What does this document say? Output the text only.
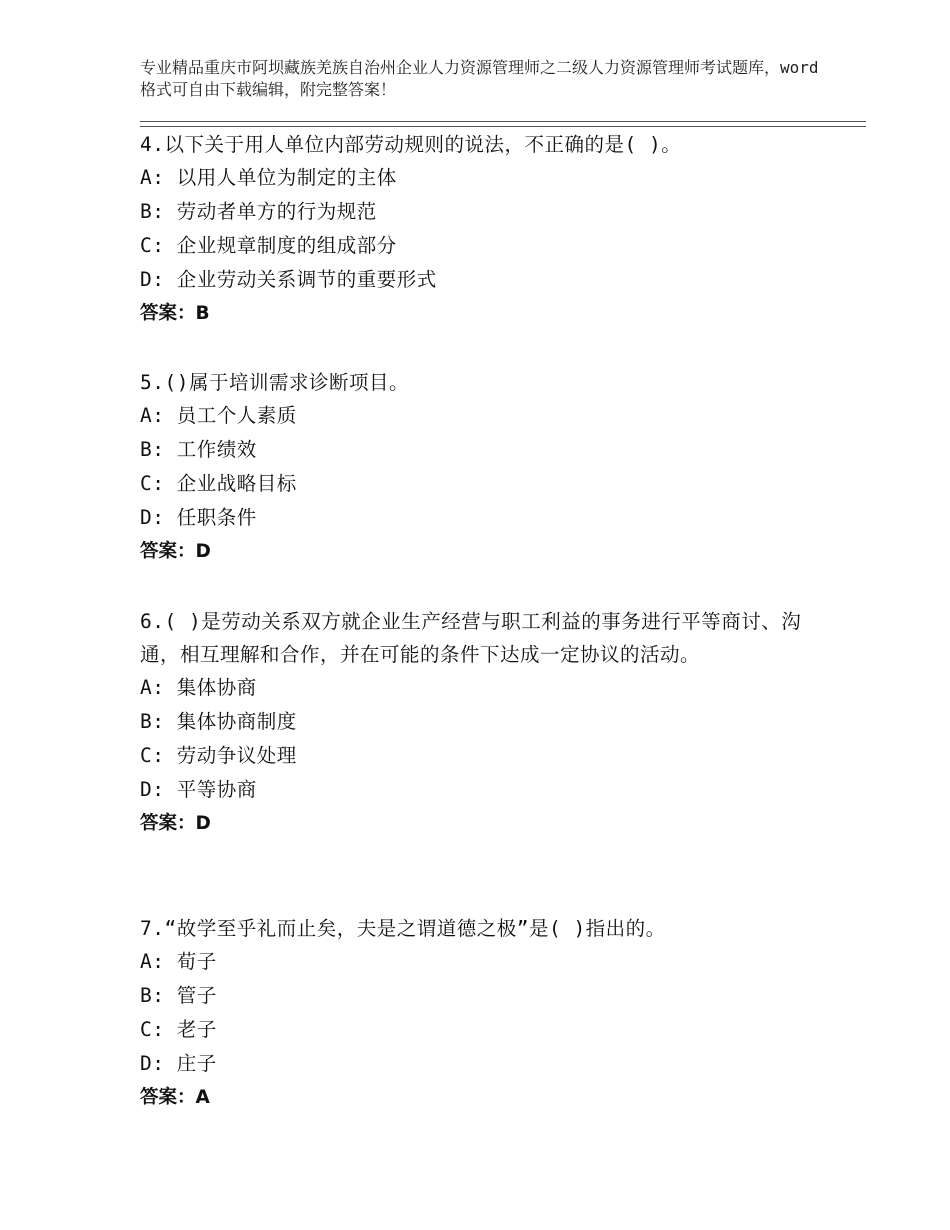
专业精品重庆市阿坝藏族羌族自治州企业人力资源管理师之二级人力资源管理师考试题库，word格式可自由下载编辑，附完整答案！

4.以下关于用人单位内部劳动规则的说法，不正确的是( )。

A: 以用人单位为制定的主体

B: 劳动者单方的行为规范

C: 企业规章制度的组成部分

D: 企业劳动关系调节的重要形式

答案：B

5.()属于培训需求诊断项目。

A: 员工个人素质

B: 工作绩效

C: 企业战略目标

D: 任职条件

答案：D

6.( )是劳动关系双方就企业生产经营与职工利益的事务进行平等商讨、沟通，相互理解和合作，并在可能的条件下达成一定协议的活动。

A: 集体协商

B: 集体协商制度

C: 劳动争议处理

D: 平等协商

答案：D

7.“故学至乎礼而止矣，夫是之谓道德之极”是( )指出的。

A: 荀子

B: 管子

C: 老子

D: 庄子

答案：A
